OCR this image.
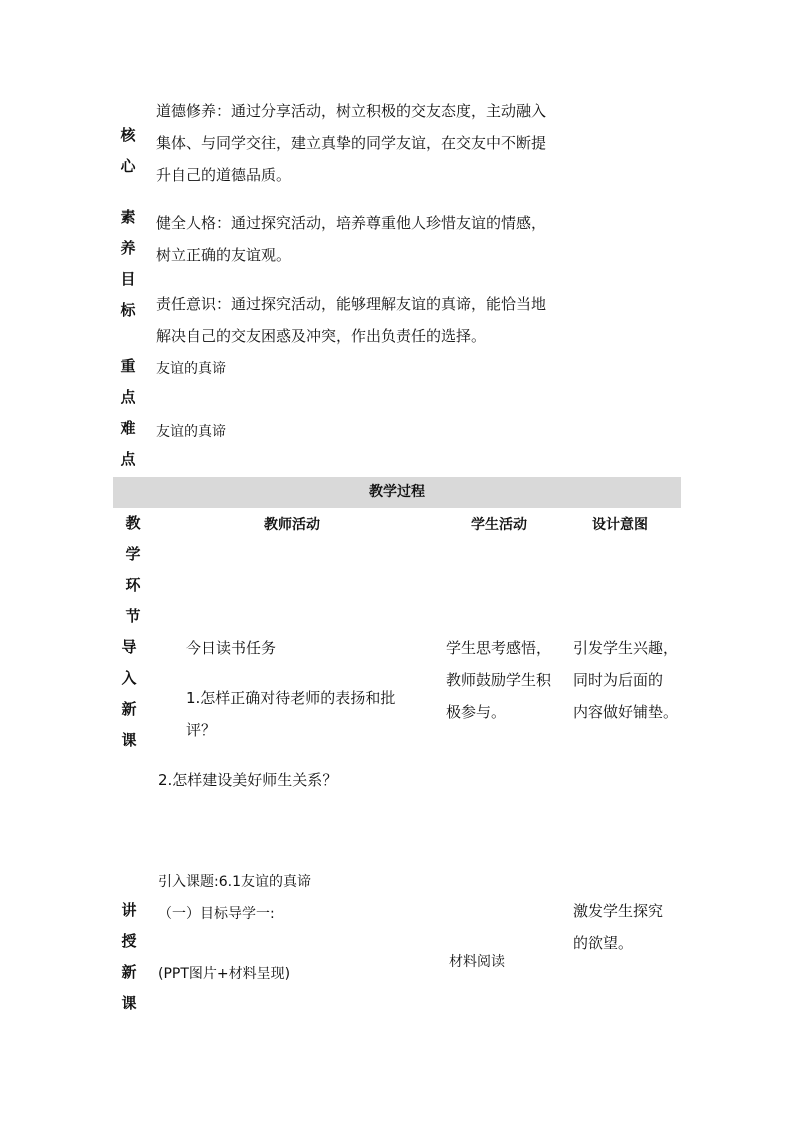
核
心
素
养
目
标
重
点
难
点
道德修养：通过分享活动，树立积极的交友态度，主动融入
集体、与同学交往，建立真挚的同学友谊，在交友中不断提
升自己的道德品质。
健全人格：通过探究活动，培养尊重他人珍惜友谊的情感，
树立正确的友谊观。
责任意识：通过探究活动，能够理解友谊的真谛，能恰当地
解决自己的交友困惑及冲突，作出负责任的选择。
友谊的真谛
友谊的真谛
教学过程
教
学
环
节
教师活动	学生活动	设计意图
导
入
新
课
今日读书任务
1.怎样正确对待老师的表扬和批
评？
2.怎样建设美好师生关系？
学生思考感悟，
教师鼓励学生积
极参与。
引发学生兴趣，
同时为后面的
内容做好铺垫。
引入课题:6.1友谊的真谛
讲
授
新
课
（一）目标导学一:
(PPT图片+材料呈现)
材料阅读
激发学生探究
的欲望。
